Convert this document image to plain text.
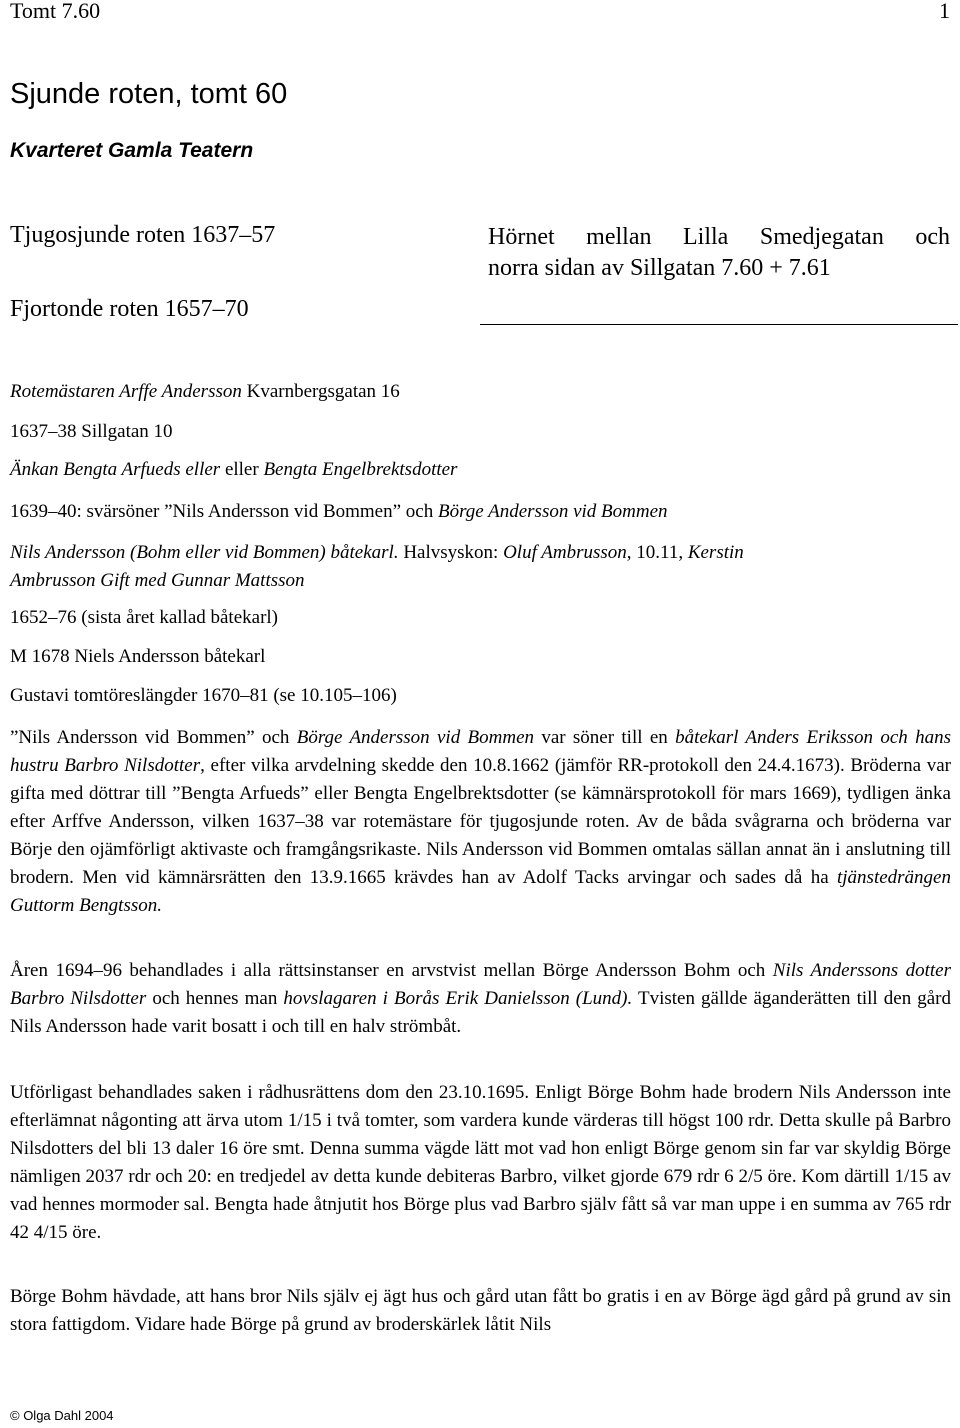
Tomt 7.60	1
Sjunde roten, tomt 60
Kvarteret Gamla Teatern
Tjugosjunde roten 1637–57
Fjortonde roten 1657–70
Hörnet mellan Lilla Smedjegatan och
norra sidan av Sillgatan 7.60 + 7.61
Rotemästaren Arffe Andersson Kvarnbergsgatan 16
1637–38 Sillgatan 10
Änkan Bengta Arfueds eller eller Bengta Engelbrektsdotter
1639–40: svärsöner ”Nils Andersson vid Bommen” och Börge Andersson vid Bommen
Nils Andersson (Bohm eller vid Bommen) båtekarl. Halvsyskon: Oluf Ambrusson, 10.11, Kerstin
Ambrusson Gift med Gunnar Mattsson
1652–76 (sista året kallad båtekarl)
M 1678 Niels Andersson båtekarl
Gustavi tomtöreslängder 1670–81 (se 10.105–106)
”Nils Andersson vid Bommen” och Börge Andersson vid Bommen var söner till en båtekarl Anders Eriksson och hans hustru Barbro Nilsdotter, efter vilka arvdelning skedde den 10.8.1662 (jämför RR-protokoll den 24.4.1673). Bröderna var gifta med döttrar till ”Bengta Arfueds” eller Bengta Engelbrektsdotter (se kämnärsprotokoll för mars 1669), tydligen änka efter Arffve Andersson, vilken 1637–38 var rotemästare för tjugosjunde roten. Av de båda svågrarna och bröderna var Börje den ojämförligt aktivaste och framgångsrikaste. Nils Andersson vid Bommen omtalas sällan annat än i anslutning till brodern. Men vid kämnärsrätten den 13.9.1665 krävdes han av Adolf Tacks arvingar och sades då ha tjänstedrängen Guttorm Bengtsson.
Åren 1694–96 behandlades i alla rättsinstanser en arvstvist mellan Börge Andersson Bohm och Nils Anderssons dotter Barbro Nilsdotter och hennes man hovslagaren i Borås Erik Danielsson (Lund). Tvisten gällde äganderätten till den gård Nils Andersson hade varit bosatt i och till en halv strömbåt.
Utförligast behandlades saken i rådhusrättens dom den 23.10.1695. Enligt Börge Bohm hade brodern Nils Andersson inte efterlämnat någonting att ärva utom 1/15 i två tomter, som vardera kunde värderas till högst 100 rdr. Detta skulle på Barbro Nilsdotters del bli 13 daler 16 öre smt. Denna summa vägde lätt mot vad hon enligt Börge genom sin far var skyldig Börge nämligen 2037 rdr och 20: en tredjedel av detta kunde debiteras Barbro, vilket gjorde 679 rdr 6 2/5 öre. Kom därtill 1/15 av vad hennes mormoder sal. Bengta hade åtnjutit hos Börge plus vad Barbro själv fått så var man uppe i en summa av 765 rdr 42 4/15 öre.
Börge Bohm hävdade, att hans bror Nils själv ej ägt hus och gård utan fått bo gratis i en av Börge ägd gård på grund av sin stora fattigdom. Vidare hade Börge på grund av broderskärlek låtit Nils
© Olga Dahl 2004
